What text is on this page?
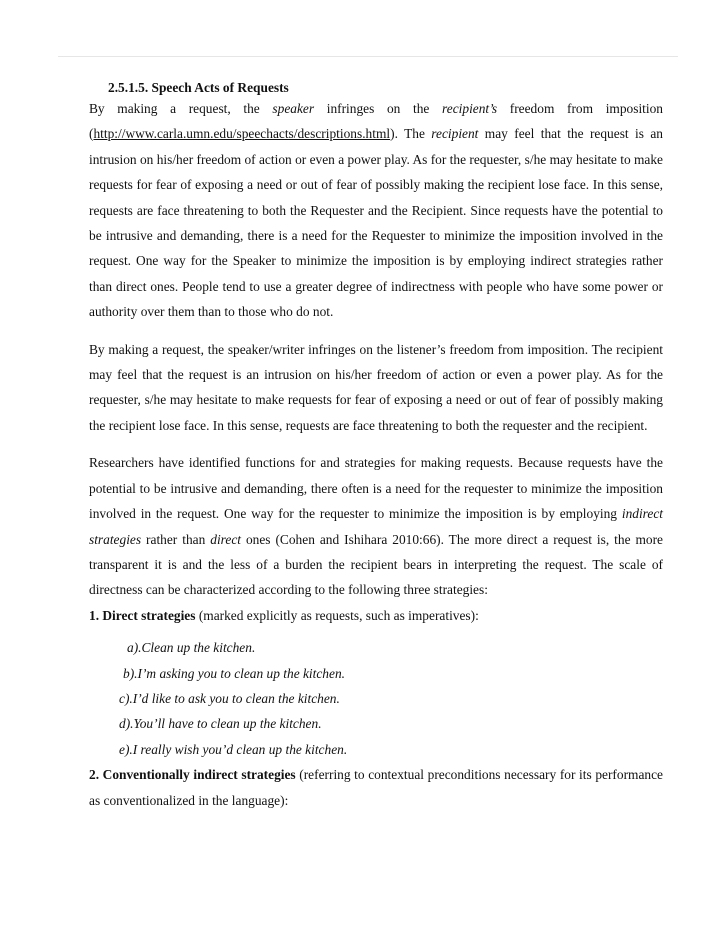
2.5.1.5. Speech Acts of Requests

By making a request, the speaker infringes on the recipient’s freedom from imposition (http://www.carla.umn.edu/speechacts/descriptions.html). The recipient may feel that the request is an intrusion on his/her freedom of action or even a power play. As for the requester, s/he may hesitate to make requests for fear of exposing a need or out of fear of possibly making the recipient lose face. In this sense, requests are face threatening to both the Requester and the Recipient. Since requests have the potential to be intrusive and demanding, there is a need for the Requester to minimize the imposition involved in the request. One way for the Speaker to minimize the imposition is by employing indirect strategies rather than direct ones. People tend to use a greater degree of indirectness with people who have some power or authority over them than to those who do not.

By making a request, the speaker/writer infringes on the listener’s freedom from imposition. The recipient may feel that the request is an intrusion on his/her freedom of action or even a power play. As for the requester, s/he may hesitate to make requests for fear of exposing a need or out of fear of possibly making the recipient lose face. In this sense, requests are face threatening to both the requester and the recipient.

Researchers have identified functions for and strategies for making requests. Because requests have the potential to be intrusive and demanding, there often is a need for the requester to minimize the imposition involved in the request. One way for the requester to minimize the imposition is by employing indirect strategies rather than direct ones (Cohen and Ishihara 2010:66). The more direct a request is, the more transparent it is and the less of a burden the recipient bears in interpreting the request. The scale of directness can be characterized according to the following three strategies:

1. Direct strategies (marked explicitly as requests, such as imperatives):

a).Clean up the kitchen.

b).I’m asking you to clean up the kitchen.

c).I’d like to ask you to clean the kitchen.

d).You’ll have to clean up the kitchen.

e).I really wish you’d clean up the kitchen.

2. Conventionally indirect strategies (referring to contextual preconditions necessary for its performance as conventionalized in the language):
